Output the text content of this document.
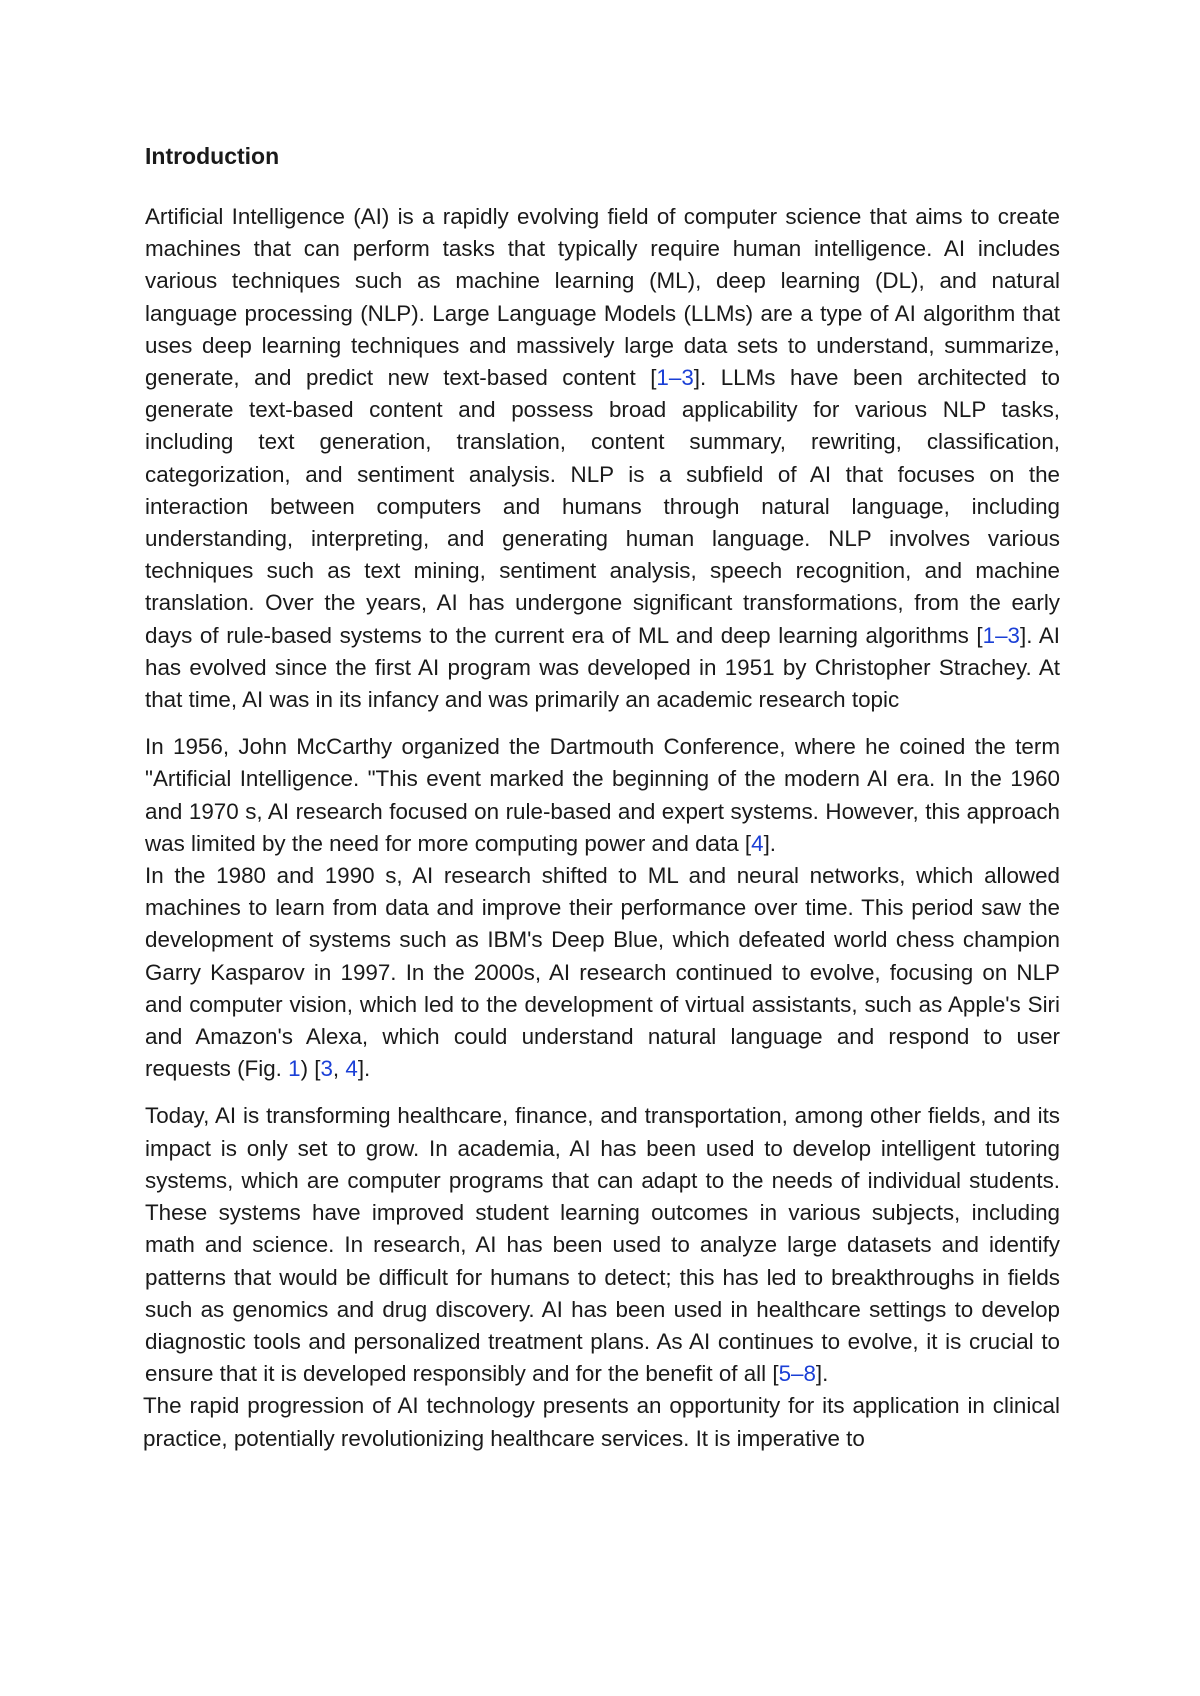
Introduction

Artificial Intelligence (AI) is a rapidly evolving field of computer science that aims to create machines that can perform tasks that typically require human intelligence. AI includes various techniques such as machine learning (ML), deep learning (DL), and natural language processing (NLP). Large Language Models (LLMs) are a type of AI algorithm that uses deep learning techniques and massively large data sets to understand, summarize, generate, and predict new text-based content [1–3]. LLMs have been architected to generate text-based content and possess broad applicability for various NLP tasks, including text generation, translation, content summary, rewriting, classification, categorization, and sentiment analysis. NLP is a subfield of AI that focuses on the interaction between computers and humans through natural language, including understanding, interpreting, and generating human language. NLP involves various techniques such as text mining, sentiment analysis, speech recognition, and machine translation. Over the years, AI has undergone significant transformations, from the early days of rule-based systems to the current era of ML and deep learning algorithms [1–3]. AI has evolved since the first AI program was developed in 1951 by Christopher Strachey. At that time, AI was in its infancy and was primarily an academic research topic

In 1956, John McCarthy organized the Dartmouth Conference, where he coined the term "Artificial Intelligence. "This event marked the beginning of the modern AI era. In the 1960 and 1970 s, AI research focused on rule-based and expert systems. However, this approach was limited by the need for more computing power and data [4].

In the 1980 and 1990 s, AI research shifted to ML and neural networks, which allowed machines to learn from data and improve their performance over time. This period saw the development of systems such as IBM's Deep Blue, which defeated world chess champion Garry Kasparov in 1997. In the 2000s, AI research continued to evolve, focusing on NLP and computer vision, which led to the development of virtual assistants, such as Apple's Siri and Amazon's Alexa, which could understand natural language and respond to user requests (Fig. 1) [3, 4].

Today, AI is transforming healthcare, finance, and transportation, among other fields, and its impact is only set to grow. In academia, AI has been used to develop intelligent tutoring systems, which are computer programs that can adapt to the needs of individual students. These systems have improved student learning outcomes in various subjects, including math and science. In research, AI has been used to analyze large datasets and identify patterns that would be difficult for humans to detect; this has led to breakthroughs in fields such as genomics and drug discovery. AI has been used in healthcare settings to develop diagnostic tools and personalized treatment plans. As AI continues to evolve, it is crucial to ensure that it is developed responsibly and for the benefit of all [5–8].

The rapid progression of AI technology presents an opportunity for its application in clinical practice, potentially revolutionizing healthcare services. It is imperative to
